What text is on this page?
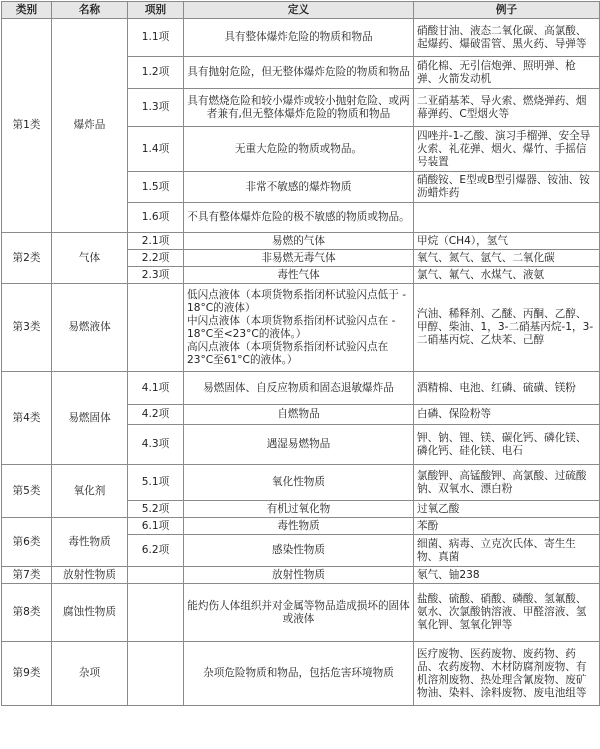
类别	名称	项别	定义	例子
第1类	爆炸品	1.1项	具有整体爆炸危险的物质和物品	硝酸甘油、液态二氧化碳、高氯酸、起爆药、爆破雷管、黑火药、导弹等
		1.2项	具有抛射危险，但无整体爆炸危险的物质和物品	硝化棉、无引信炮弹、照明弹、枪弹、火箭发动机
		1.3项	具有燃烧危险和较小爆炸或较小抛射危险、或两者兼有,但无整体爆炸危险的物质和物品	二亚硝基苯、导火索、燃烧弹药、烟幕弹药、C型烟火等
		1.4项	无重大危险的物质或物品。	四唑并-1-乙酸、演习手榴弹、安全导火索、礼花弹、烟火、爆竹、手摇信号装置
		1.5项	非常不敏感的爆炸物质	硝酸铵、E型或B型引爆器、铵油、铵沥蜡炸药
		1.6项	不具有整体爆炸危险的极不敏感的物质或物品。	
第2类	气体	2.1项	易燃的气体	甲烷（CH4），氢气
		2.2项	非易燃无毒气体	氧气、氮气、氩气、二氧化碳
		2.3项	毒性气体	氯气、氟气、水煤气、液氨
第3类	易燃液体		低闪点液体（本项货物系指闭杯试验闪点低于 - 18°C的液体）
中闪点液体（本项货物系指闭杯试验闪点在 - 18°C至<23°C的液体。）
高闪点液体（本项货物系指闭杯试验闪点在23°C至61°C的液体。）	汽油、稀释剂、乙醚、丙酮、乙醇、甲醇、柴油、1，3-二硝基丙烷-1，3-二硝基丙烷、乙炔苯、己醇
第4类	易燃固体	4.1项	易燃固体、自反应物质和固态退敏爆炸品	酒精棉、电池、红磷、硫磺、镁粉
		4.2项	自燃物品	白磷、保险粉等
		4.3项	遇湿易燃物品	钾、钠、锂、镁、碳化钙、磷化镁、磷化钙、硅化镁、电石
第5类	氧化剂	5.1项	氧化性物质	氯酸钾、高锰酸钾、高氯酸、过硫酸钠、双氧水、漂白粉
		5.2项	有机过氧化物	过氧乙酸
第6类	毒性物质	6.1项	毒性物质	苯酚
		6.2项	感染性物质	细菌、病毒、立克次氏体、寄生生物、真菌
第7类	放射性物质		放射性物质	氡气、铀238
第8类	腐蚀性物质		能灼伤人体组织并对金属等物品造成损坏的固体或液体	盐酸、硫酸、硝酸、磷酸、氢氟酸、氨水、次氯酸钠溶液、甲醛溶液、氢氧化钾、氢氧化钾等
第9类	杂项		杂项危险物质和物品，包括危害环境物质	医疗废物、医药废物、废药物、药品、农药废物、木材防腐剂废物、有机溶剂废物、热处理含氰废物、废矿物油、染料、涂料废物、废电池组等
